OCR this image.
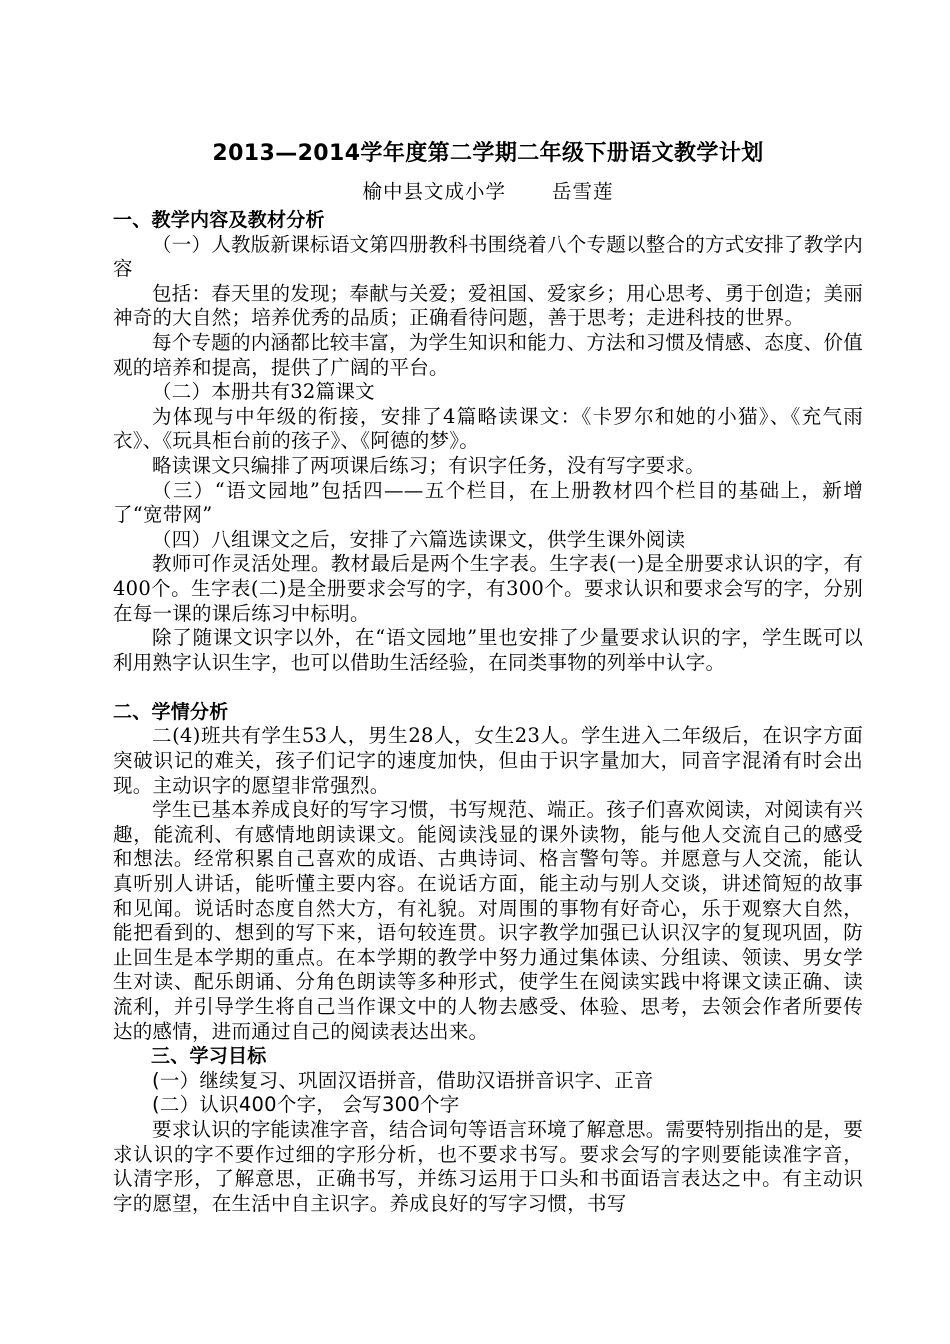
2013—2014学年度第二学期二年级下册语文教学计划
榆中县文成小学 岳雪莲
一、教学内容及教材分析

（一）人教版新课标语文第四册教科书围绕着八个专题以整合的方式安排了教学内容

包括：春天里的发现；奉献与关爱；爱祖国、爱家乡；用心思考、勇于创造；美丽神奇的大自然；培养优秀的品质；正确看待问题，善于思考；走进科技的世界。

每个专题的内涵都比较丰富，为学生知识和能力、方法和习惯及情感、态度、价值观的培养和提高，提供了广阔的平台。

（二）本册共有32篇课文

为体现与中年级的衔接，安排了4篇略读课文：《卡罗尔和她的小猫》、《充气雨衣》、《玩具柜台前的孩子》、《阿德的梦》。

略读课文只编排了两项课后练习；有识字任务，没有写字要求。

（三）“语文园地”包括四——五个栏目，在上册教材四个栏目的基础上，新增了“宽带网”

（四）八组课文之后，安排了六篇选读课文，供学生课外阅读

教师可作灵活处理。教材最后是两个生字表。生字表(一)是全册要求认识的字，有400个。生字表(二)是全册要求会写的字，有300个。要求认识和要求会写的字，分别在每一课的课后练习中标明。

除了随课文识字以外，在“语文园地”里也安排了少量要求认识的字，学生既可以利用熟字认识生字，也可以借助生活经验，在同类事物的列举中认字。

二、学情分析

二(4)班共有学生53人，男生28人，女生23人。学生进入二年级后，在识字方面突破识记的难关，孩子们记字的速度加快，但由于识字量加大，同音字混淆有时会出现。主动识字的愿望非常强烈。

学生已基本养成良好的写字习惯，书写规范、端正。孩子们喜欢阅读，对阅读有兴趣，能流利、有感情地朗读课文。能阅读浅显的课外读物，能与他人交流自己的感受和想法。经常积累自己喜欢的成语、古典诗词、格言警句等。并愿意与人交流，能认真听别人讲话，能听懂主要内容。在说话方面，能主动与别人交谈，讲述简短的故事和见闻。说话时态度自然大方，有礼貌。对周围的事物有好奇心，乐于观察大自然，能把看到的、想到的写下来，语句较连贯。识字教学加强已认识汉字的复现巩固，防止回生是本学期的重点。在本学期的教学中努力通过集体读、分组读、领读、男女学生对读、配乐朗诵、分角色朗读等多种形式，使学生在阅读实践中将课文读正确、读流利，并引导学生将自己当作课文中的人物去感受、体验、思考，去领会作者所要传达的感情，进而通过自己的阅读表达出来。

三、学习目标

(一）继续复习、巩固汉语拼音，借助汉语拼音识字、正音

(二）认识400个字， 会写300个字

要求认识的字能读准字音，结合词句等语言环境了解意思。需要特别指出的是，要求认识的字不要作过细的字形分析，也不要求书写。要求会写的字则要能读准字音，认清字形，了解意思，正确书写，并练习运用于口头和书面语言表达之中。有主动识字的愿望，在生活中自主识字。养成良好的写字习惯，书写
